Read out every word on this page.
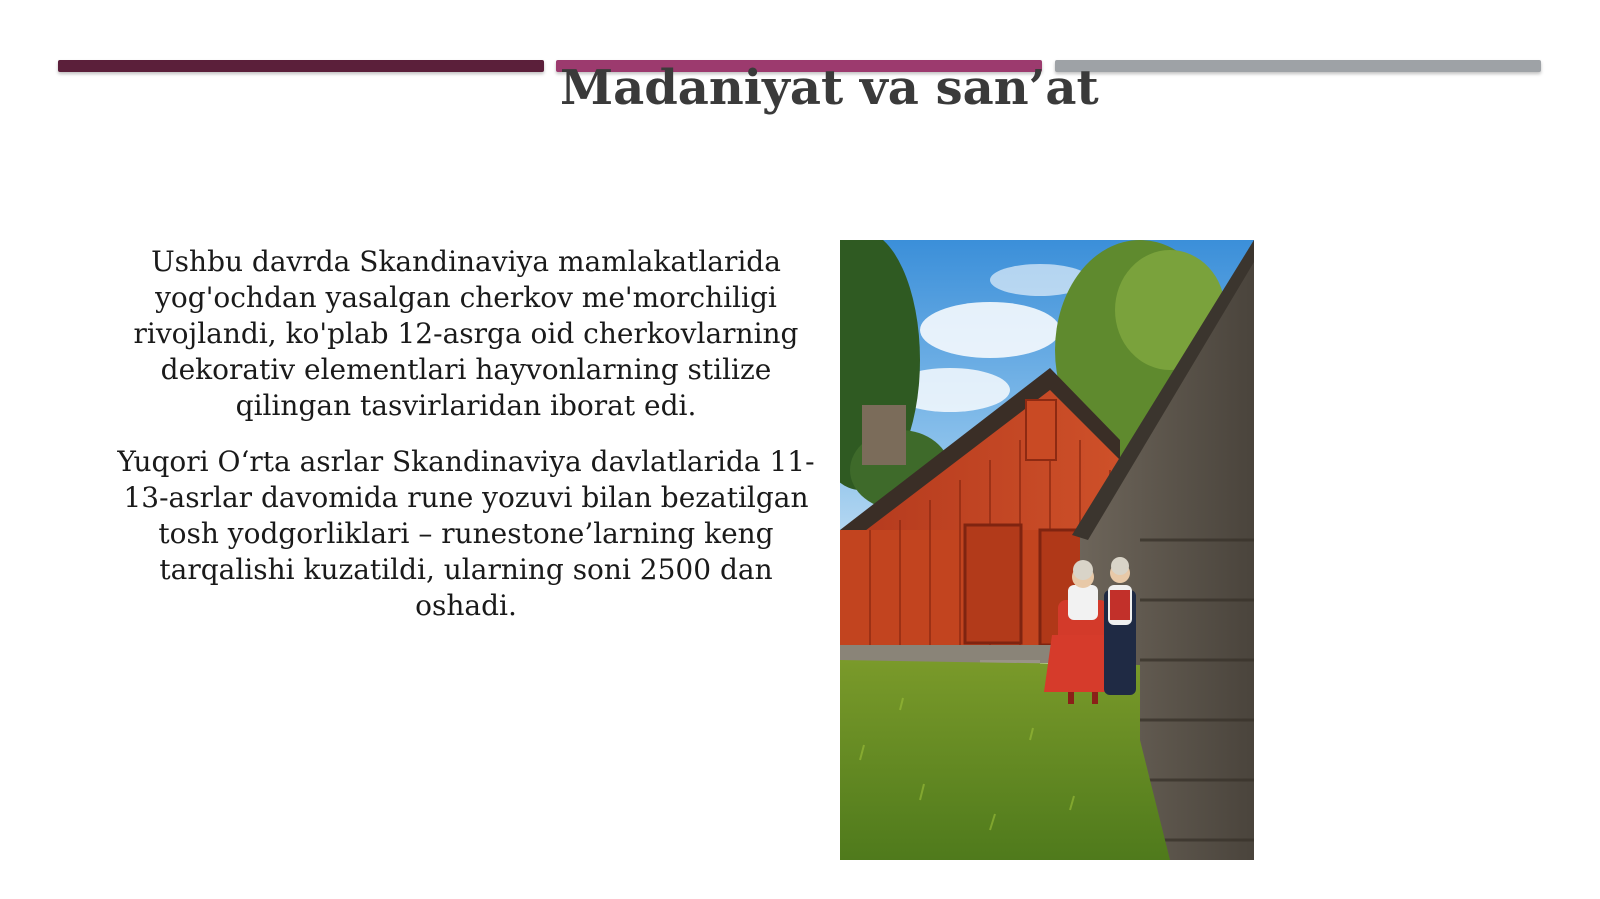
Madaniyat va san’at

Ushbu davrda Skandinaviya mamlakatlarida yog'ochdan yasalgan cherkov me'morchiligi rivojlandi, ko'plab 12-asrga oid cherkovlarning dekorativ elementlari hayvonlarning stilize qilingan tasvirlaridan iborat edi.

Yuqori O‘rta asrlar Skandinaviya davlatlarida 11-13-asrlar davomida rune yozuvi bilan bezatilgan tosh yodgorliklari – runestone’larning keng tarqalishi kuzatildi, ularning soni 2500 dan oshadi.
